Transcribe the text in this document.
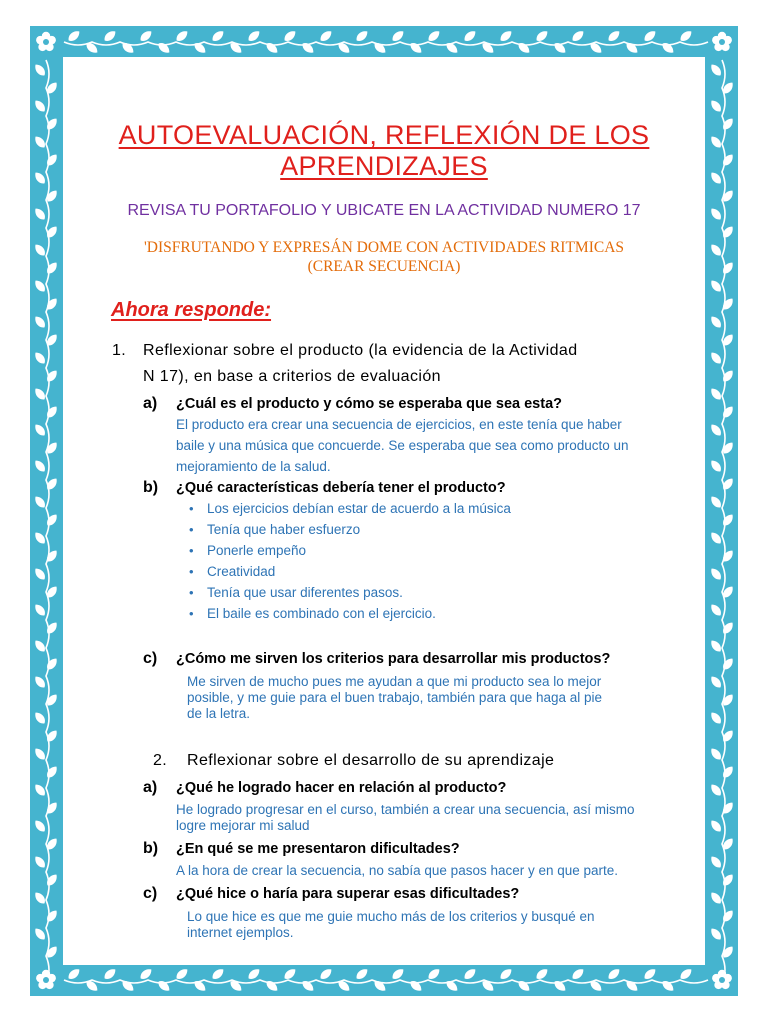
AUTOEVALUACIÓN, REFLEXIÓN DE LOS
APRENDIZAJES
REVISA TU PORTAFOLIO Y UBICATE EN LA ACTIVIDAD NUMERO 17
'DISFRUTANDO Y EXPRESÁN DOME CON ACTIVIDADES RITMICAS
(CREAR SECUENCIA)
Ahora responde:
1. Reflexionar sobre el producto (la evidencia de la Actividad
N 17), en base a criterios de evaluación
a) ¿Cuál es el producto y cómo se esperaba que sea esta?
El producto era crear una secuencia de ejercicios, en este tenía que haber
baile y una música que concuerde. Se esperaba que sea como producto un
mejoramiento de la salud.
b) ¿Qué características debería tener el producto?
• Los ejercicios debían estar de acuerdo a la música
• Tenía que haber esfuerzo
• Ponerle empeño
• Creatividad
• Tenía que usar diferentes pasos.
• El baile es combinado con el ejercicio.
c) ¿Cómo me sirven los criterios para desarrollar mis productos?
Me sirven de mucho pues me ayudan a que mi producto sea lo mejor
posible, y me guie para el buen trabajo, también para que haga al pie
de la letra.
2. Reflexionar sobre el desarrollo de su aprendizaje
a) ¿Qué he logrado hacer en relación al producto?
He logrado progresar en el curso, también a crear una secuencia, así mismo
logre mejorar mi salud
b) ¿En qué se me presentaron dificultades?
A la hora de crear la secuencia, no sabía que pasos hacer y en que parte.
c) ¿Qué hice o haría para superar esas dificultades?
Lo que hice es que me guie mucho más de los criterios y busqué en
internet ejemplos.
